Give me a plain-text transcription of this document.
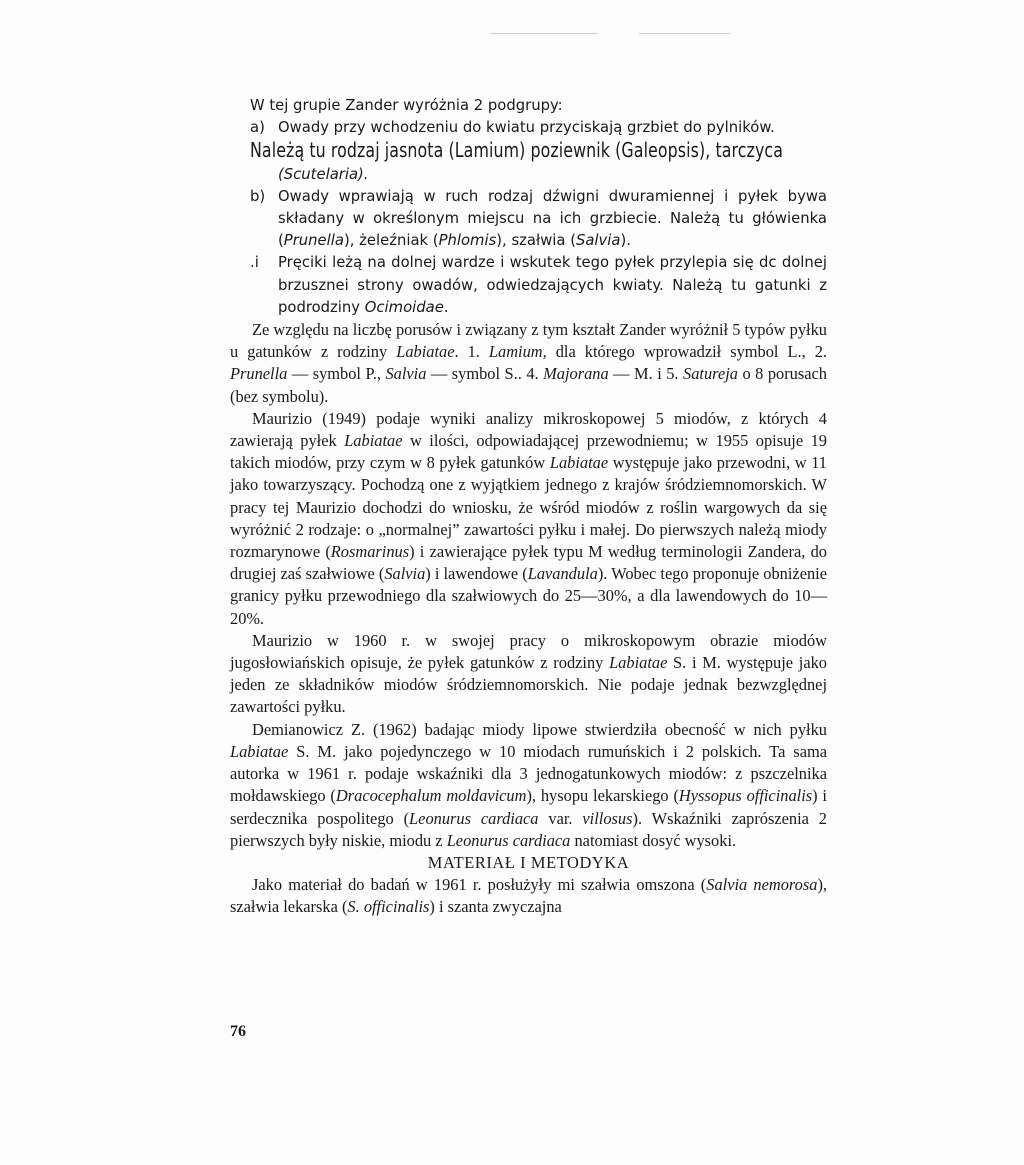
W tej grupie Zander wyróżnia 2 podgrupy:

a) Owady przy wchodzeniu do kwiatu przyciskają grzbiet do pylników.

Należą tu rodzaj jasnota (Lamium) poziewnik (Galeopsis), tarczyca

(Scutelaria).

b) Owady wprawiają w ruch rodzaj dźwigni dwuramiennej i pyłek bywa składany w określonym miejscu na ich grzbiecie. Należą tu główienka (Prunella), żeleźniak (Phlomis), szałwia (Salvia).

.i Pręciki leżą na dolnej wardze i wskutek tego pyłek przylepia się dc dolnej brzusznei strony owadów, odwiedzających kwiaty. Należą tu gatunki z podrodziny Ocimoidae.

Ze względu na liczbę porusów i związany z tym kształt Zander wyróżnił 5 typów pyłku u gatunków z rodziny Labiatae. 1. Lamium, dla którego wprowadził symbol L., 2. Prunella — symbol P., Salvia — symbol S.. 4. Majorana — M. i 5. Satureja o 8 porusach (bez symbolu).

Maurizio (1949) podaje wyniki analizy mikroskopowej 5 miodów, z których 4 zawierają pyłek Labiatae w ilości, odpowiadającej przewodniemu; w 1955 opisuje 19 takich miodów, przy czym w 8 pyłek gatunków Labiatae występuje jako przewodni, w 11 jako towarzyszący. Pochodzą one z wyjątkiem jednego z krajów śródziemnomorskich. W pracy tej Maurizio dochodzi do wniosku, że wśród miodów z roślin wargowych da się wyróżnić 2 rodzaje: o „normalnej” zawartości pyłku i małej. Do pierwszych należą miody rozmarynowe (Rosmarinus) i zawierające pyłek typu M według terminologii Zandera, do drugiej zaś szałwiowe (Salvia) i lawendowe (Lavandula). Wobec tego proponuje obniżenie granicy pyłku przewodniego dla szałwiowych do 25—30%, a dla lawendowych do 10—20%.

Maurizio w 1960 r. w swojej pracy o mikroskopowym obrazie miodów jugosłowiańskich opisuje, że pyłek gatunków z rodziny Labiatae S. i M. występuje jako jeden ze składników miodów śródziemnomorskich. Nie podaje jednak bezwzględnej zawartości pyłku.

Demianowicz Z. (1962) badając miody lipowe stwierdziła obecność w nich pyłku Labiatae S. M. jako pojedynczego w 10 miodach rumuńskich i 2 polskich. Ta sama autorka w 1961 r. podaje wskaźniki dla 3 jednogatunkowych miodów: z pszczelnika mołdawskiego (Dracocephalum moldavicum), hysopu lekarskiego (Hyssopus officinalis) i serdecznika pospolitego (Leonurus cardiaca var. villosus). Wskaźniki zaprószenia 2 pierwszych były niskie, miodu z Leonurus cardiaca natomiast dosyć wysoki.

MATERIAŁ I METODYKA

Jako materiał do badań w 1961 r. posłużyły mi szałwia omszona (Salvia nemorosa), szałwia lekarska (S. officinalis) i szanta zwyczajna

76
